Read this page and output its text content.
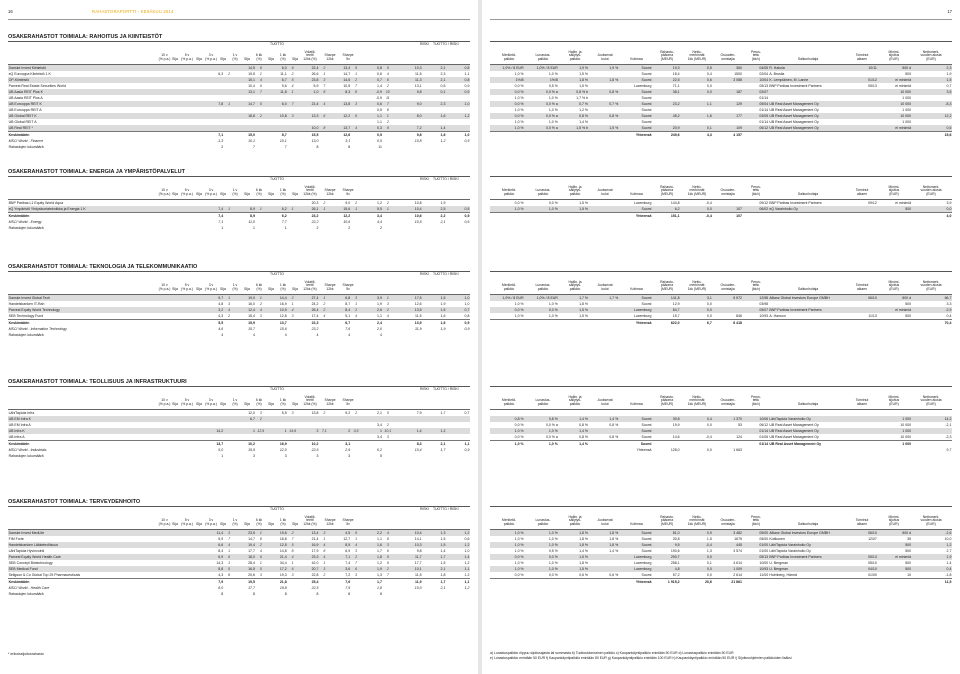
16	RAHASTORAPORTTI - KESÄKUU 2014
OSAKERAHASTOT TOIMIALA: RAHOITUS JA KIINTEISTÖT
TUOTTO	RISKI TUOTTO / RISKI
10 v
(% p.a.) Sija
5 v
(% p.a.) Sija
3 v
(% p.a.) Sija
1 v
(%)	Sija
6 kk
(%)	Sija
1 kk
(%)	Sija
Volatili-
teetti
12kk (%)
Sharpe
12kk
Sharpe
5v
Danske Invest Kiinteistö			14,5	6	6,0	6	22,4	2	13,4	5	0,8	5	10,3	2,1	0,8
eQ Eurooppa Kiinteistö 1 K	6,3	2	19,5	1	11,1	2	26,6	1	14,7	1	0,6	4	11,5	2,3	1,1
OP-Kiinteistö			15,1	4	6,7	5	23,8	3	14,6	2	0,7	6	11,3	2,1	0,8
Parvest Real Estate Securities World			10,4	6	9,6	4	5,9	7	10,5	7	1,4	2	13,1	0,5	0,9
UB Aasia REIT Plus K			13,1	7	11,8	1	1,0	8	8,3	8	-0,9	10	9,8	0,1	0,9
UB Aasia REIT Plus A											-0,9	11			
UB Eurooppa REIT K	7,8	1	14,7	5	6,0	7	21,4	4	13,8	3	0,6	7	9,0	2,3	1,0
UB Eurooppa REIT A											0,5	8			
UB Global REIT K			18,8	2	10,8	3	13,3	6	12,2	6	1,1	1	8,0	1,6	1,2
UB Global REIT A											1,1	2			
UB Real REIT *							10,0	8	13,7	4	0,3	9	7,2	1,4	
Keskimäärin	7,1		15,0		8,7		15,5		12,6		0,5		9,8	1,6	1,0
MSCI World - Finance	-1,3		10,1		10,1		13,0		3,1		0,5		10,8	1,2	0,5
Rahastojen lukumäärä	2		7		7		8		8		11				
OSAKERAHASTOT TOIMIALA: ENERGIA JA YMPÄRISTÖPALVELUT
TUOTTO	RISKI TUOTTO / RISKI
10 v
(% p.a.) Sija
5 v
(% p.a.) Sija
3 v
(% p.a.) Sija
1 v
(%)	Sija
6 kk
(%)	Sija
1 kk
(%)	Sija
Volatili-
teetti
12kk (%)
Sharpe
12kk
Sharpe
5v
BNP Paribas L1 Equity World Aqua							20,3	2	9,0	2	1,2	2	10,8	1,9	
eQ Ympäristö Yhdyskuntatekniikka ja Energia 1 K	7,4	1	8,9	1	6,2	1	26,1	1	15,6	1	5,5	1	10,4	2,5	0,5
Keskimäärin	7,4		8,9		6,2		23,2		12,2		3,4		10,6	2,2	0,5
MSCI World - Energy	7,1		11,0		7,7		22,2		10,6		4,4		10,5	2,1	0,6
Rahastojen lukumäärä	1		1		1		2		2		2				
OSAKERAHASTOT TOIMIALA: TEKNOLOGIA JA TELEKOMMUNIKAATIO
TUOTTO	RISKI TUOTTO / RISKI
10 v
(% p.a.) Sija
5 v
(% p.a.) Sija
3 v
(% p.a.) Sija
1 v
(%)	Sija
6 kk
(%)	Sija
1 kk
(%)	Sija
Volatili-
teetti
12kk (%)
Sharpe
12kk
Sharpe
5v
Danske Invest Global Tech	9,7	1	19,9	1	14,4	2	27,4	1	6,8	3	3,9	1	17,5	1,5	1,0
Handelsbanken IT-Rah	4,8	3	16,0	2	16,9	1	24,2	2	8,7	1	1,9	3	12,6	1,9	1,0
Parvest Equity World Technology	3,2	4	12,4	4	10,9	4	26,4	2	8,4	2	2,6	2	13,5	1,5	0,7
SEB Technology Fund	4,3	2	15,4	3	12,8	3	17,4	4	5,1	4	1,1	4	11,5	1,6	0,8
Keskimäärin	5,5		15,9		13,7		22,3		6,7		2,4		13,9	1,6	0,9
MSCI World - Information Technology	4,6		15,7		15,6		23,2		7,6		2,0		11,9	1,9	0,9
Rahastojen lukumäärä	4		4		4		4		4		4				
OSAKERAHASTOT TOIMIALA: TEOLLISUUS JA INFRASTRUKTUURI
TUOTTO	RISKI TUOTTO / RISKI
10 v
(% p.a.) Sija
5 v
(% p.a.) Sija
3 v
(% p.a.) Sija
1 v
(%)	Sija
6 kk
(%)	Sija
1 kk
(%)	Sija
Volatili-
teetti
12kk (%)
Sharpe
12kk
Sharpe
5v
LähiTapiola Infra			12,0	3	5,5	3	13,8	2	9,2	2	2,1	5	7,9	1,7	0,7
UB EM Infra K			6,7	2											
UB EM Infra A											3,4	2			
UB Infra K	14,2		1	12,5	1	14,9	2	7,1	2	3,5	1	10,1	1,4	1,2	
UB Infra A											3,4	3			
Keskimäärin	13,7		10,2		16,9		10,2		3,1				8,3	2,1	1,1
MSCI World - Industrials	5,0		15,9		12,0		22,6		2,9		0,2		10,4	1,7	0,9
Rahastojen lukumäärä	1		3		3		3		3		5				
OSAKERAHASTOT TOIMIALA: TERVEYDENHOITO
TUOTTO	RISKI TUOTTO / RISKI
10 v
(% p.a.) Sija
5 v
(% p.a.) Sija
3 v
(% p.a.) Sija
1 v
(%)	Sija
6 kk
(%)	Sija
1 kk
(%)	Sija
Volatili-
teetti
12kk (%)
Sharpe
12kk
Sharpe
5v
Danske Invest MedLife	11,4	3	23,5	1	19,6	2	13,4	3	4,5	5	2,2	4	10,4	1,3	1,2
FIM Forte	5,9	7	14,7	8	18,8	7	21,4	1	12,7	1	1,1	8	14,1	1,5	0,6
Handelsbanken Lääketeollisuus	6,6	4	19,4	2	12,5	5	16,9	4	8,5	4	1,6	3	10,3	1,5	1,2
LähiTapiola Hyvinvointi	8,4	1	17,7	4	14,8	8	17,9	8	6,9	3	1,7	6	9,8	1,4	1,0
Parvest Equity World Health Care	6,9	6	18,0	6	21,4	4	23,3	4	7,1	2	1,8	5	11,7	1,7	1,4
SEB Concept Biotechnology	14,3	1	28,4	1	34,4	1	42,0	1	7,4	7	1,2	9	17,7	1,5	1,2
SEB Medical Fund	8,8	5	16,5	5	17,2	6	20,7	3	3,6	6	1,9	2	10,1	2,1	1,1
Seligson & Co Global Top 25 Pharmaceuticals	4,3	8	20,6	3	19,3	3	22,8	2	7,2	3	1,3	7	11,5	1,8	1,2
Keskimäärin	7,9		19,5		21,8		25,4		7,6		1,7		11,9	1,7	1,1
MSCI World - Health Care	8,0		17,7		19,8		22,5		7,5		1,8		10,0	2,1	1,2
Rahastojen lukumäärä	8		8		8		8		8		8				
* erikoissijoitusrahasto
17
Merkintä-
palkkio
Lunastus-
palkkio
Hallin. ja
säilytys-
palkkio
Juoksevat
kulut	Kotimaa
Rahasto-
pääoma
(MEUR)
Netto-
merkinnät
1kk (MEUR)
Osuuden-
omistajia
Perus-
tettu
(kk/v)	Salkunhoitaja
Toiminut
alkaen
Minimi-
sijoitus
(EUR)
Nettomerk.
vuoden alusta
(EUR)
1,0% / 8 EUR	1,0% / 8 EUR	1,9 %	1,9 %	Suomi	19,3	0,5	360	04/05	R. Hakola	10/11	500 d	2,3
1,0 %	1,0 %	1,5 %		Suomi	18,4	0,4	1500	02/04	A. Brusila		500	1,9
1%/8	1%/8	1,8 %	1,8 %	Suomi	22,5	0,6	3 088	10/04	K. Lempiäinen, M. Lanne	01/12	ei minimiä	1,5
0,0 %	0,5 %	1,5 %		Luxemburg	71,1	0,0		05/13	BNP Paribas Investment Partners	05/13	ei minimiä	0,7
0,0 %	0,0 % a	0,8 % b	0,8 %	Suomi	38,1	0,0	187	02/07			10 000	3,5
1,0 %	1,0 %	1,7 % b		Suomi				01/14			1 000	
0,0 %	0,0 % a	0,7 %	0,7 %	Suomi	23,2	1,1	129	05/04	UB Real Asset Management Oy		10 000	-8,3
1,0 %	1,0 %	1,2 %		Suomi				01/14	UB Real Asset Management Oy		1 000	
0,0 %	0,0 % a	0,8 %	0,8 %	Suomi	45,2	1,6	177	03/05	UB Real Asset Management Oy		10 000	12,2
1,0 %	1,0 %	1,4 %		Suomi				01/14	UB Real Asset Management Oy		1 000	
1,0 %	0,0 % a	1,5 % b	1,5 %	Suomi	20,9	0,1	109	06/12	UB Real Asset Management Oy		ei minimiä	0,6
				Yhteensä	249,6	4,3	4 157					15,6

Merkintä-
palkkio
Lunastus-
palkkio
Hallin. ja
säilytys-
palkkio
Juoksevat
kulut	Kotimaa
Rahasto-
pääoma
(MEUR)
Netto-
merkinnät
1kk (MEUR)
Osuuden-
omistajia
Perus-
tettu
(kk/v)	Salkunhoitaja
Toiminut
alkaen
Minimi-
sijoitus
(EUR)
Nettomerk.
vuoden alusta
(EUR)
0,0 %	0,0 %	1,5 %		Luxemburg	144,8	-0,4		09/12	BNP Paribas Investment Partners	09/12	ei minimiä	3,9
1,0 %	1,0 %	1,5 %		Suomi	6,2	0,0	107	06/02	eQ Varainhoito Oy		500	0,0
				Yhteensä	151,1	-0,4	107					4,0

Merkintä-
palkkio
Lunastus-
palkkio
Hallin. ja
säilytys-
palkkio
Juoksevat
kulut	Kotimaa
Rahasto-
pääoma
(MEUR)
Netto-
merkinnät
1kk (MEUR)
Osuuden-
omistajia
Perus-
tettu
(kk/v)	Salkunhoitaja
Toiminut
alkaen
Minimi-
sijoitus
(EUR)
Nettomerk.
vuoden alusta
(EUR)
1,0% / 8 EUR	1,0% / 8 EUR	1,7 %	1,7 %	Suomi	141,8	3,1	5 572	12/98	Allianz Global Investors Europe GMBH	06/10	500 d	66,7
1,0 %	1,0 %	1,8 %		Suomi	12,9	0,0		03/98			500	3,3
0,0 %	0,0 %	1,5 %		Luxemburg	84,7	0,0		05/07	BNP Paribas Investment Partners		ei minimiä	-2,9
1,0 %	1,0 %	1,5 %		Luxemburg	15,7	0,0	846	10/93	A. Hanson	11/13	500	0,4
				Yhteensä	622,0	6,7	6 418					70,4

Merkintä-
palkkio
Lunastus-
palkkio
Hallin. ja
säilytys-
palkkio
Juoksevat
kulut	Kotimaa
Rahasto-
pääoma
(MEUR)
Netto-
merkinnät
1kk (MEUR)
Osuuden-
omistajia
Perus-
tettu
(kk/v)	Salkunhoitaja
Toiminut
alkaen
Minimi-
sijoitus
(EUR)
Nettomerk.
vuoden alusta
(EUR)

0,8 %	0,8 %	1,4 %	1,4 %	Suomi	39,8	0,4	1 370	10/06	LähiTapiola Varainhoito Oy		1 000	14,2
0,0 %	0,0 % a	0,8 %	0,8 %	Suomi	19,9	0,0	53	06/12	UB Real Asset Management Oy		10 000	-2,1
1,0 %	1,0 %	1,4 %		Suomi				01/14	UB Real Asset Management Oy		1 000	
0,0 %	0,0 % a	0,8 %	0,8 %	Suomi	14,6	-0,4	124	01/06	UB Real Asset Management Oy		10 000	-2,3
1,0 %	1,0 %	1,4 %		Suomi				01/14	UB Real Asset Management Oy		1 000	
				Yhteensä	128,0	0,0	1 663					9,7

Merkintä-
palkkio
Lunastus-
palkkio
Hallin. ja
säilytys-
palkkio
Juoksevat
kulut	Kotimaa
Rahasto-
pääoma
(MEUR)
Netto-
merkinnät
1kk (MEUR)
Osuuden-
omistajia
Perus-
tettu
(kk/v)	Salkunhoitaja
Toiminut
alkaen
Minimi-
sijoitus
(EUR)
Nettomerk.
vuoden alusta
(EUR)
1,0 %	1,0 %	1,8 %	1,8 %	Suomi	81,0	0,9	3 482	05/00	Allianz Global Investors Europe GMBH	06/10	500 d	-2,6
1,0 %	1,0 %	1,8 %	1,8 %	Suomi	30,8	1,5	1675	05/00	Kotikonen	12/07	35	10,0
1,0 %	1,0 %	1,8 %	1,8 %	Suomi	9,5	-0,4	445	01/00	LähiTapiola Varainhoito Oy		500	1,2
1,0 %	0,5 %	1,4 %	1,4 %	Suomi	190,6	1,3	3 574	01/00	LähiTapiola Varainhoito Oy		500	2,7
0,0 %	0,0 %	1,5 %		Luxemburg	290,7	0,0		05/13	BNP Paribas Investment Partners	05/13	ei minimiä	1,9
1,0 %	1,0 %	1,8 %		Luxemburg	258,1	0,1	4 614	10/00	U. Bergman	05/10	500	1,4
1,0 %	1,0 %	1,5 %		Luxemburg	4,8	0,0	1 009	10/93	U. Bergman	04/10	500	0,4
0,0 %	0,0 %	0,6 %	0,6 %	Suomi	57,2	0,0	2 614	11/00	Holmberg, Härmä	01/00	10	-1,8
				Yhteensä	1 915,2	20,6	21 861					11,5

a) Lunastuspalkkio riippuu sijoitusajasta tai summasta b) Tuottosidonnainen palkkio c) Kaupankäyntipalkkio enintään 50 EUR d) Lunastuspalkkio enintään 50 EUR
e) Lunastuspalkkio enintään 50 EUR f) Kaupankäyntipalkkio enintään 80 EUR g) Kaupankäyntipalkkio enintään 100 EUR h) Kaupankäyntipalkkio enintään 50 EUR i) Sijoitusohjelmien palkkioiden lisäksi
